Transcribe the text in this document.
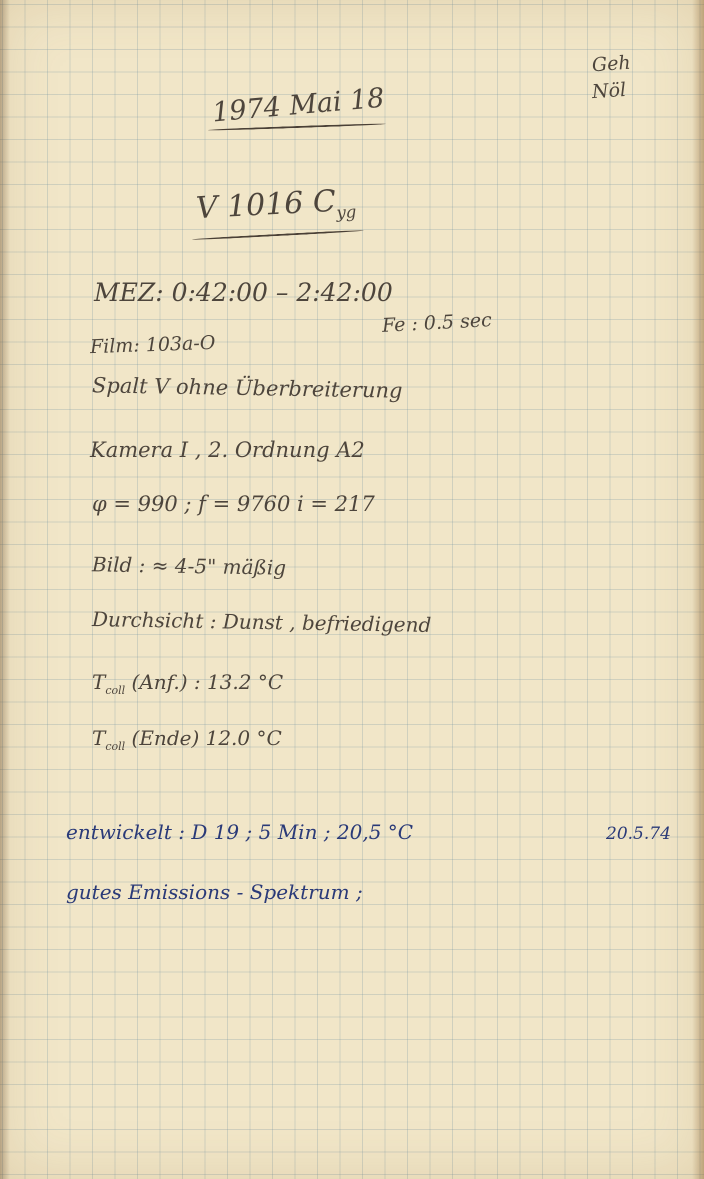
Geh
Nöl
1974 Mai 18
V 1016 $C_{yg}$
MEZ: 0:42:00 – 2:42:00
Fe : 0.5 sec
Film: 103a-O
Spalt V ohne Überbreiterung
Kamera I , 2. Ordnung A2
φ = 990 ; f = 9760 i = 217
Bild : ≈ 4-5" mäßig
Durchsicht : Dunst , befriedigend
$T_{coll}$ (Anf.) : 13.2 °C
$T_{coll}$ (Ende) 12.0 °C
entwickelt : D 19 ; 5 Min ; 20,5 °C	20.5.74
gutes Emissions - Spektrum ;
